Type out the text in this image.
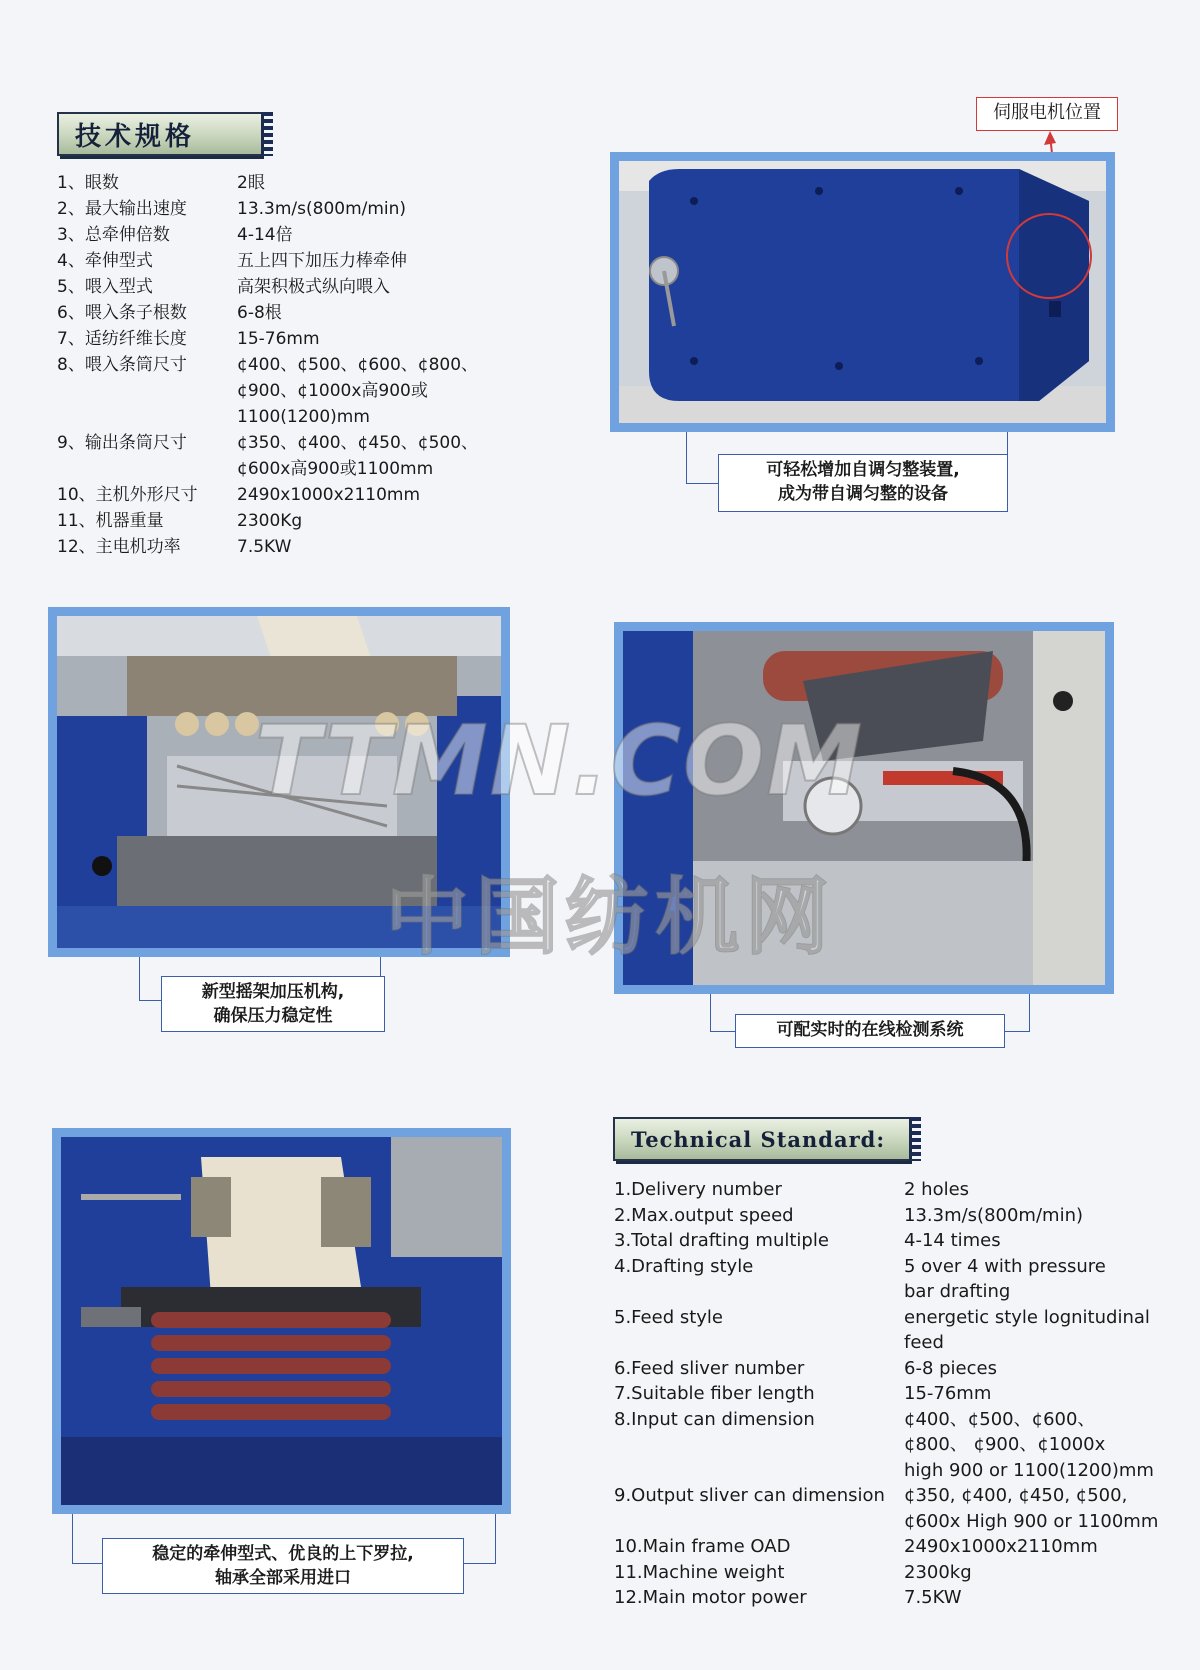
技术规格
1、眼数	2眼
2、最大输出速度	13.3m/s(800m/min)
3、总牵伸倍数	4-14倍
4、牵伸型式	五上四下加压力棒牵伸
5、喂入型式	高架积极式纵向喂入
6、喂入条子根数	6-8根
7、适纺纤维长度	15-76mm
8、喂入条筒尺寸	¢400、¢500、¢600、¢800、
¢900、¢1000x高900或
1100(1200)mm
9、输出条筒尺寸	¢350、¢400、¢450、¢500、
¢600x高900或1100mm
10、主机外形尺寸	2490x1000x2110mm
11、机器重量	2300Kg
12、主电机功率	7.5KW
伺服电机位置
可轻松增加自调匀整装置,
成为带自调匀整的设备
新型摇架加压机构,
确保压力稳定性
可配实时的在线检测系统
稳定的牵伸型式、优良的上下罗拉,
轴承全部采用进口
Technical Standard:
1.Delivery number	2 holes
2.Max.output speed	13.3m/s(800m/min)
3.Total drafting multiple	4-14 times
4.Drafting style	5 over 4 with pressure
bar drafting
5.Feed style	energetic style lognitudinal
feed
6.Feed sliver number	6-8 pieces
7.Suitable fiber length	15-76mm
8.Input can dimension	¢400、¢500、¢600、
¢800、 ¢900、¢1000x
high 900 or 1100(1200)mm
9.Output sliver can dimension	¢350, ¢400, ¢450, ¢500,
¢600x High 900 or 1100mm
10.Main frame OAD	2490x1000x2110mm
11.Machine weight	2300kg
12.Main motor power	7.5KW
TTMN.COM
中国纺机网
